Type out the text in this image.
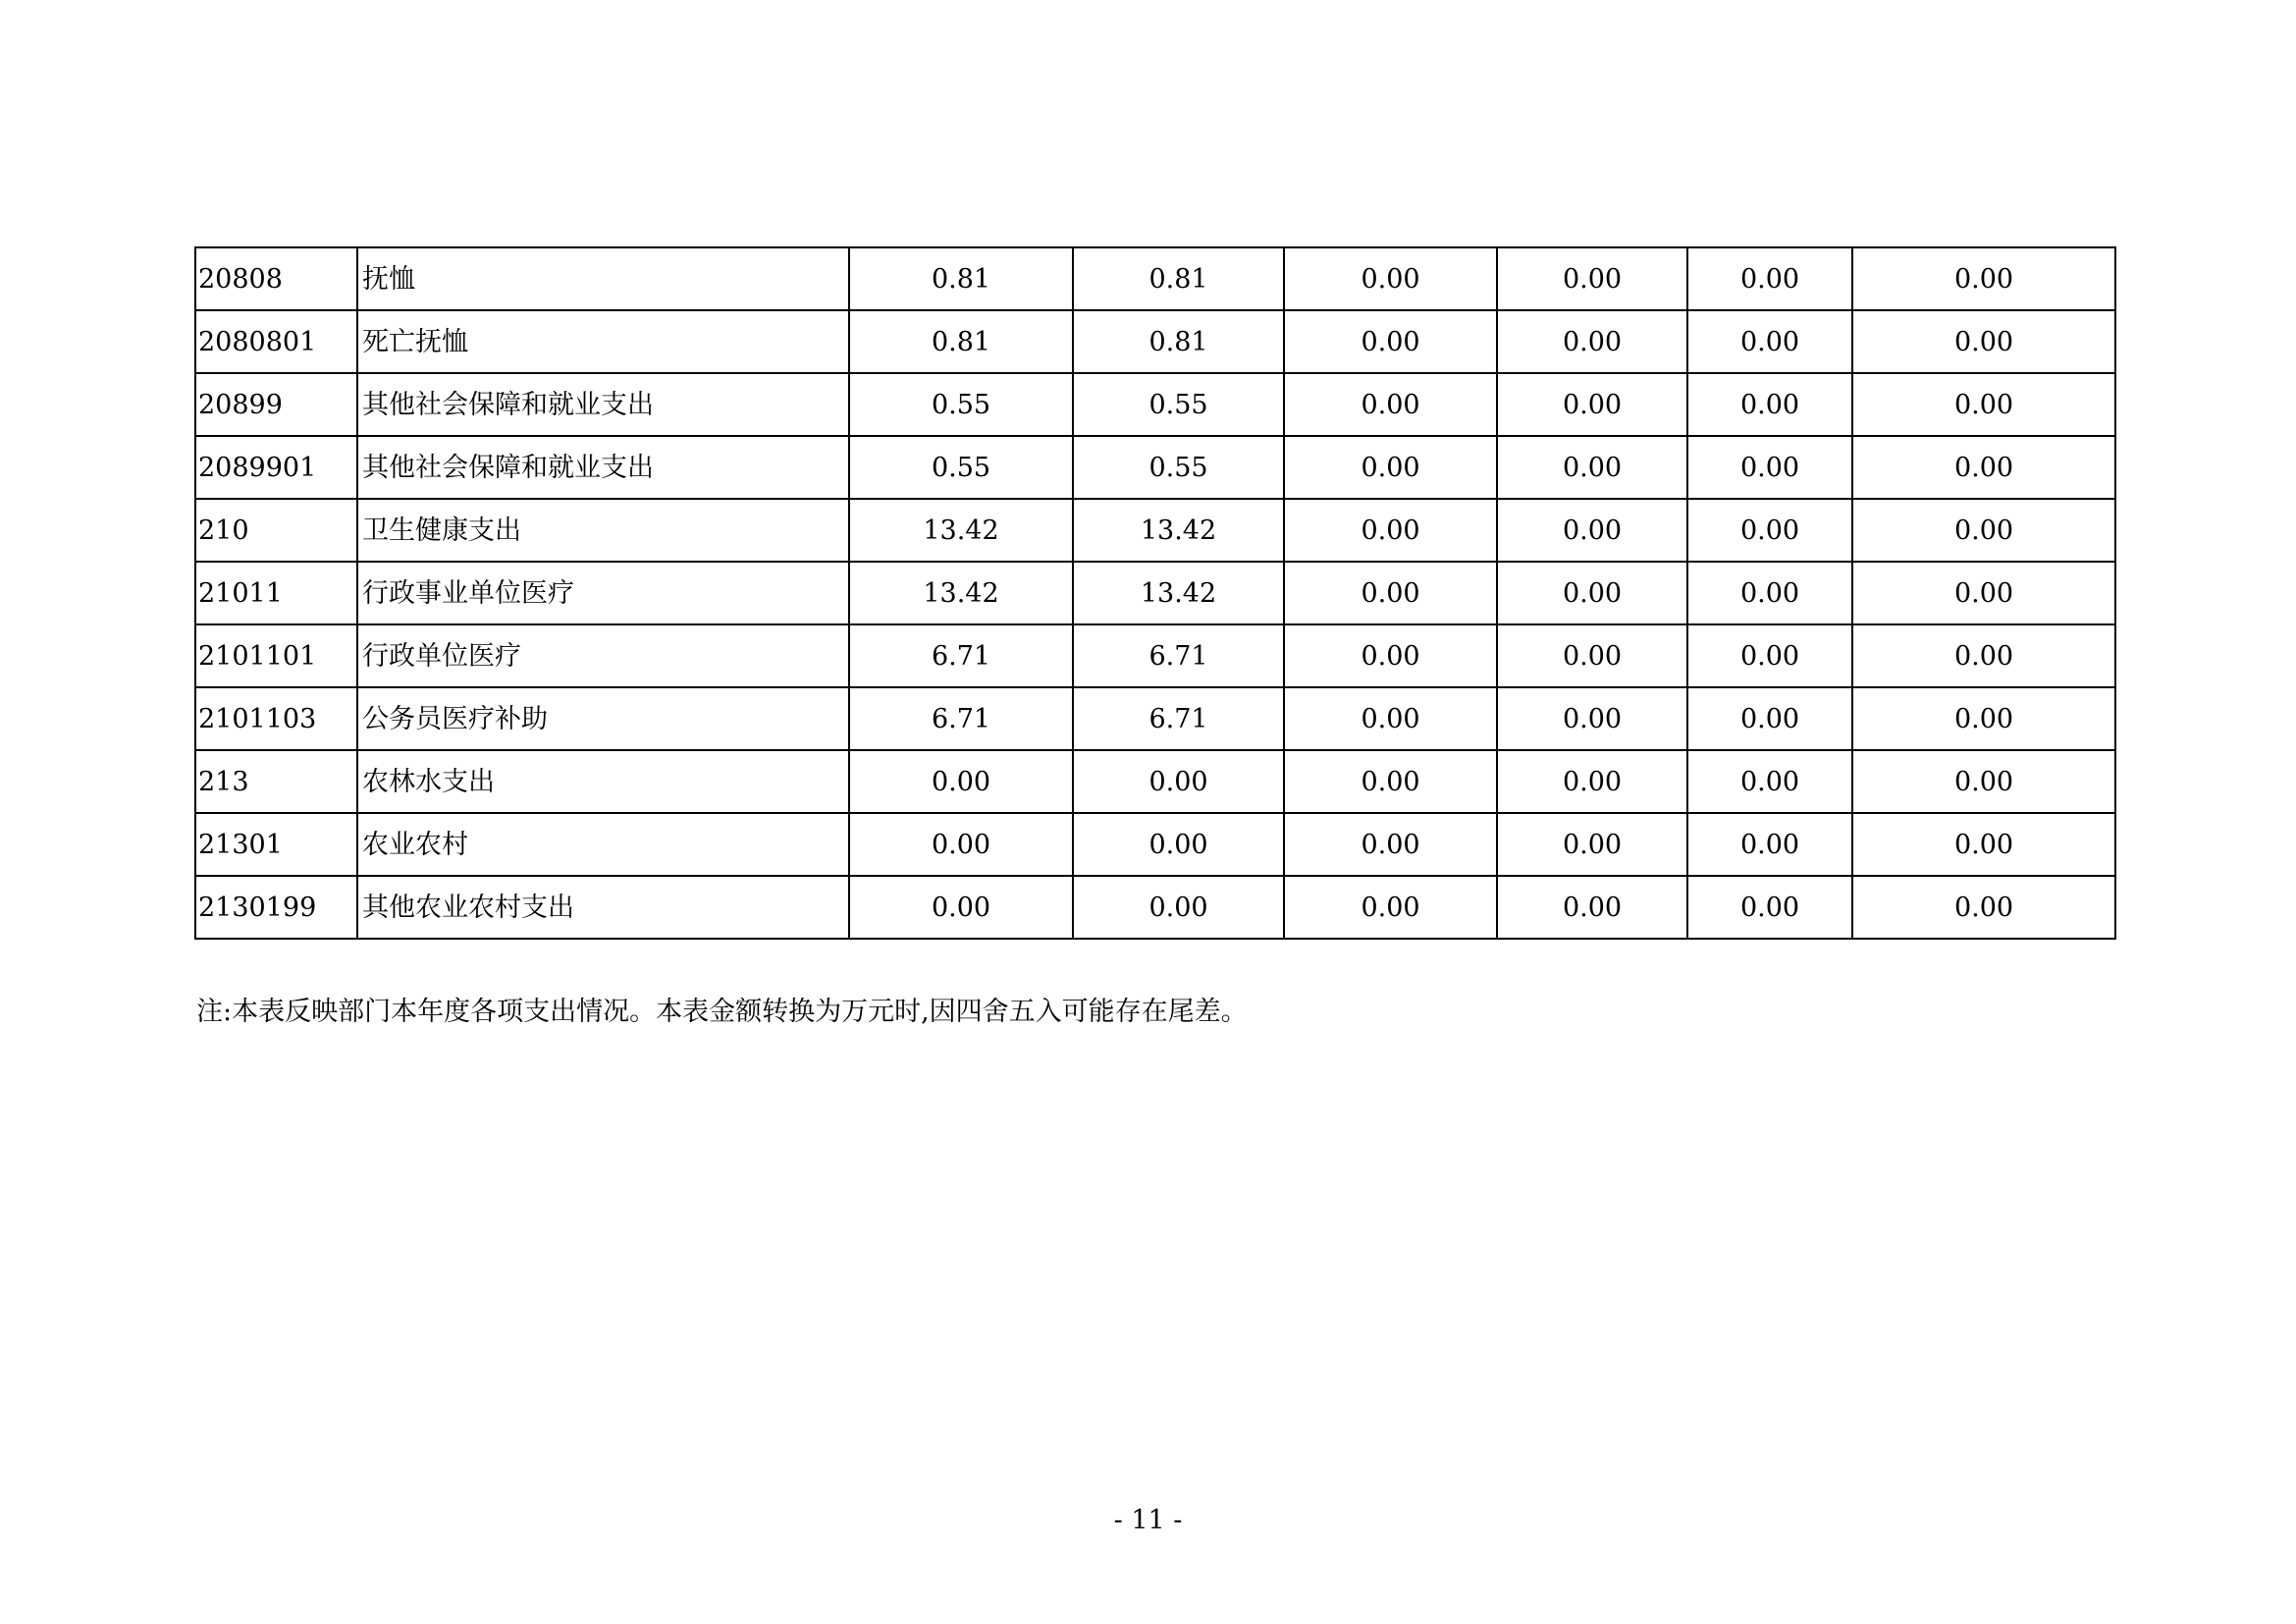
20808	抚恤	0.81	0.81	0.00	0.00	0.00	0.00
2080801	死亡抚恤	0.81	0.81	0.00	0.00	0.00	0.00
20899	其他社会保障和就业支出	0.55	0.55	0.00	0.00	0.00	0.00
2089901	其他社会保障和就业支出	0.55	0.55	0.00	0.00	0.00	0.00
210	卫生健康支出	13.42	13.42	0.00	0.00	0.00	0.00
21011	行政事业单位医疗	13.42	13.42	0.00	0.00	0.00	0.00
2101101	行政单位医疗	6.71	6.71	0.00	0.00	0.00	0.00
2101103	公务员医疗补助	6.71	6.71	0.00	0.00	0.00	0.00
213	农林水支出	0.00	0.00	0.00	0.00	0.00	0.00
21301	农业农村	0.00	0.00	0.00	0.00	0.00	0.00
2130199	其他农业农村支出	0.00	0.00	0.00	0.00	0.00	0.00
注:本表反映部门本年度各项支出情况。本表金额转换为万元时,因四舍五入可能存在尾差。
- 11 -
